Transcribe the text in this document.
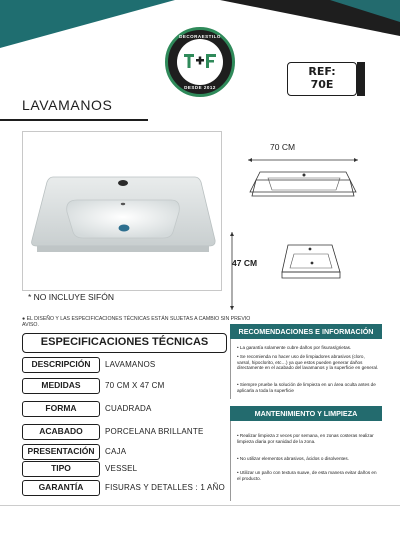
DECORAESTILO
DESDE 2012
REF:
70E
LAVAMANOS
70 CM
47 CM
* NO INCLUYE SIFÓN
● EL DISEÑO Y LAS ESPECIFICACIONES TÉCNICAS ESTÁN SUJETAS A CAMBIO SIN PREVIO AVISO.
ESPECIFICACIONES TÉCNICAS
DESCRIPCIÓN	LAVAMANOS
MEDIDAS	70 CM X 47 CM
FORMA	CUADRADA
ACABADO	PORCELANA BRILLANTE
PRESENTACIÓN	CAJA
TIPO	VESSEL
GARANTÍA	FISURAS Y DETALLES : 1 AÑO
RECOMENDACIONES E INFORMACIÓN
• La garantía solamente cubre daños por fisuras/grietas.
• Se recomienda no hacer uso de limpiadores abrasivos (cloro, varsol, hipoclorito, etc…) ya que estos pueden generar daños directamente en el acabado del lavamanos y la superficie en general.
• Siempre pruebe la solución de limpieza en un área oculta antes de aplicarla a toda la superficie
MANTENIMIENTO Y LIMPIEZA
• Realizar limpieza 2 veces por semana, en zonas costeras realizar limpieza diaria por sanidad de la zona.
• No utilizar elementos abrasivos, ácidos o disolventes.
• Utilizar un paño con textura suave, de esta manera evitar daños en el producto.
